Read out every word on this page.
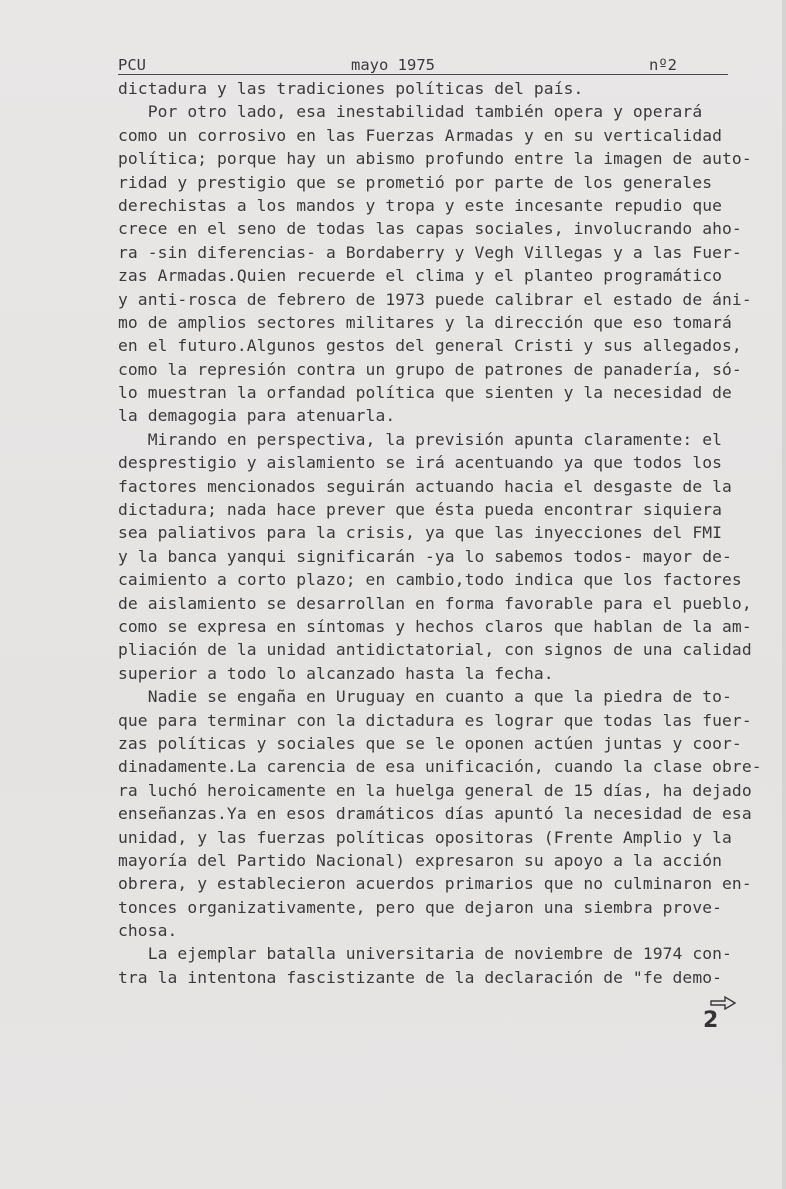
PCU	mayo 1975	nº2
dictadura y las tradiciones políticas del país.
Por otro lado, esa inestabilidad también opera y operará
como un corrosivo en las Fuerzas Armadas y en su verticalidad
política; porque hay un abismo profundo entre la imagen de auto-
ridad y prestigio que se prometió por parte de los generales
derechistas a los mandos y tropa y este incesante repudio que
crece en el seno de todas las capas sociales, involucrando aho-
ra -sin diferencias- a Bordaberry y Vegh Villegas y a las Fuer-
zas Armadas.Quien recuerde el clima y el planteo programático
y anti-rosca de febrero de 1973 puede calibrar el estado de áni-
mo de amplios sectores militares y la dirección que eso tomará
en el futuro.Algunos gestos del general Cristi y sus allegados,
como la represión contra un grupo de patrones de panadería, só-
lo muestran la orfandad política que sienten y la necesidad de
la demagogia para atenuarla.
Mirando en perspectiva, la previsión apunta claramente: el
desprestigio y aislamiento se irá acentuando ya que todos los
factores mencionados seguirán actuando hacia el desgaste de la
dictadura; nada hace prever que ésta pueda encontrar siquiera
sea paliativos para la crisis, ya que las inyecciones del FMI
y la banca yanqui significarán -ya lo sabemos todos- mayor de-
caimiento a corto plazo; en cambio,todo indica que los factores
de aislamiento se desarrollan en forma favorable para el pueblo,
como se expresa en síntomas y hechos claros que hablan de la am-
pliación de la unidad antidictatorial, con signos de una calidad
superior a todo lo alcanzado hasta la fecha.
Nadie se engaña en Uruguay en cuanto a que la piedra de to-
que para terminar con la dictadura es lograr que todas las fuer-
zas políticas y sociales que se le oponen actúen juntas y coor-
dinadamente.La carencia de esa unificación, cuando la clase obre-
ra luchó heroicamente en la huelga general de 15 días, ha dejado
enseñanzas.Ya en esos dramáticos días apuntó la necesidad de esa
unidad, y las fuerzas políticas opositoras (Frente Amplio y la
mayoría del Partido Nacional) expresaron su apoyo a la acción
obrera, y establecieron acuerdos primarios que no culminaron en-
tonces organizativamente, pero que dejaron una siembra prove-
chosa.
La ejemplar batalla universitaria de noviembre de 1974 con-
tra la intentona fascistizante de la declaración de "fe demo-
2
